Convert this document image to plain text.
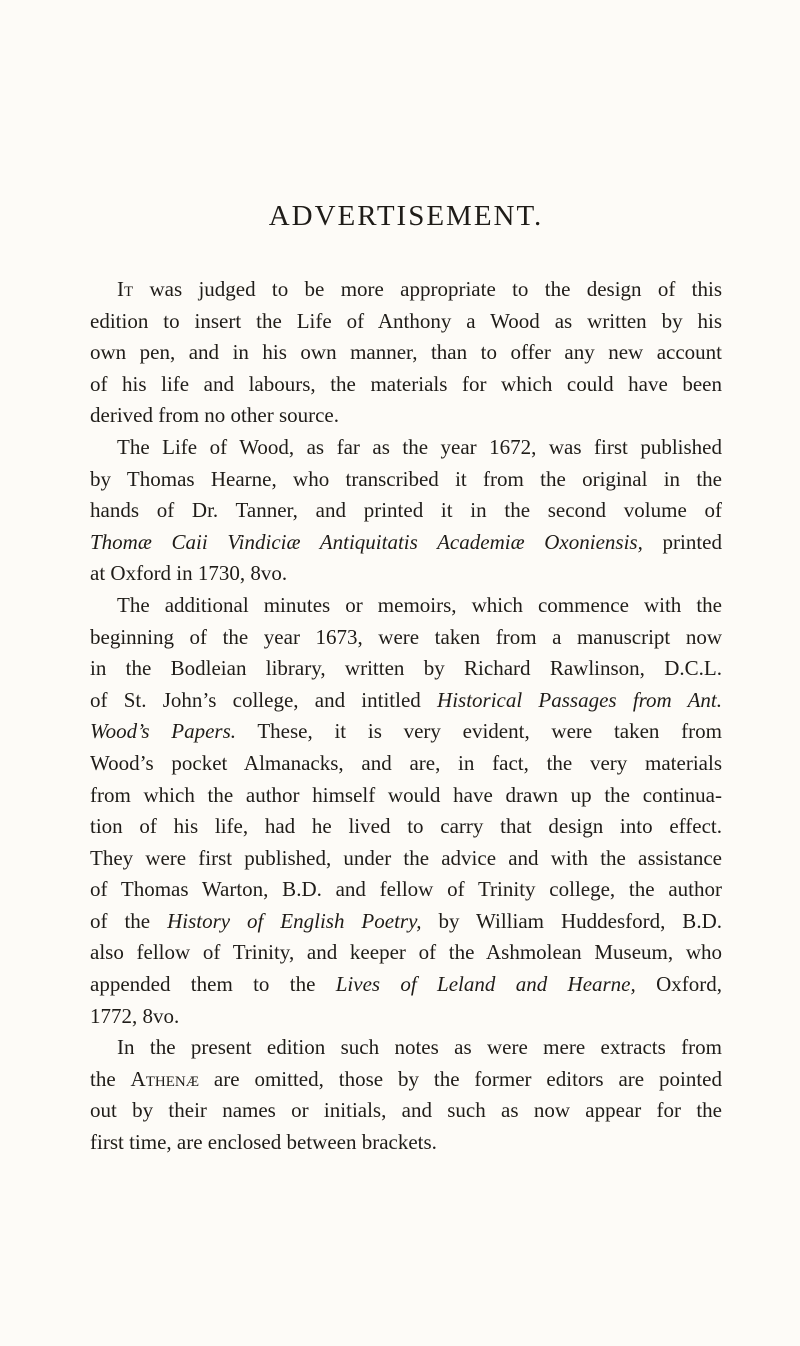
ADVERTISEMENT.

It was judged to be more appropriate to the design of this
edition to insert the Life of Anthony a Wood as written by his
own pen, and in his own manner, than to offer any new account
of his life and labours, the materials for which could have been
derived from no other source.

The Life of Wood, as far as the year 1672, was first published
by Thomas Hearne, who transcribed it from the original in the
hands of Dr. Tanner, and printed it in the second volume of
Thomæ Caii Vindiciæ Antiquitatis Academiæ Oxoniensis, printed
at Oxford in 1730, 8vo.

The additional minutes or memoirs, which commence with the
beginning of the year 1673, were taken from a manuscript now
in the Bodleian library, written by Richard Rawlinson, D.C.L.
of St. John’s college, and intitled Historical Passages from Ant.
Wood’s Papers. These, it is very evident, were taken from
Wood’s pocket Almanacks, and are, in fact, the very materials
from which the author himself would have drawn up the continua-
tion of his life, had he lived to carry that design into effect.
They were first published, under the advice and with the assistance
of Thomas Warton, B.D. and fellow of Trinity college, the author
of the History of English Poetry, by William Huddesford, B.D.
also fellow of Trinity, and keeper of the Ashmolean Museum, who
appended them to the Lives of Leland and Hearne, Oxford,
1772, 8vo.

In the present edition such notes as were mere extracts from
the Athenæ are omitted, those by the former editors are pointed
out by their names or initials, and such as now appear for the
first time, are enclosed between brackets.
